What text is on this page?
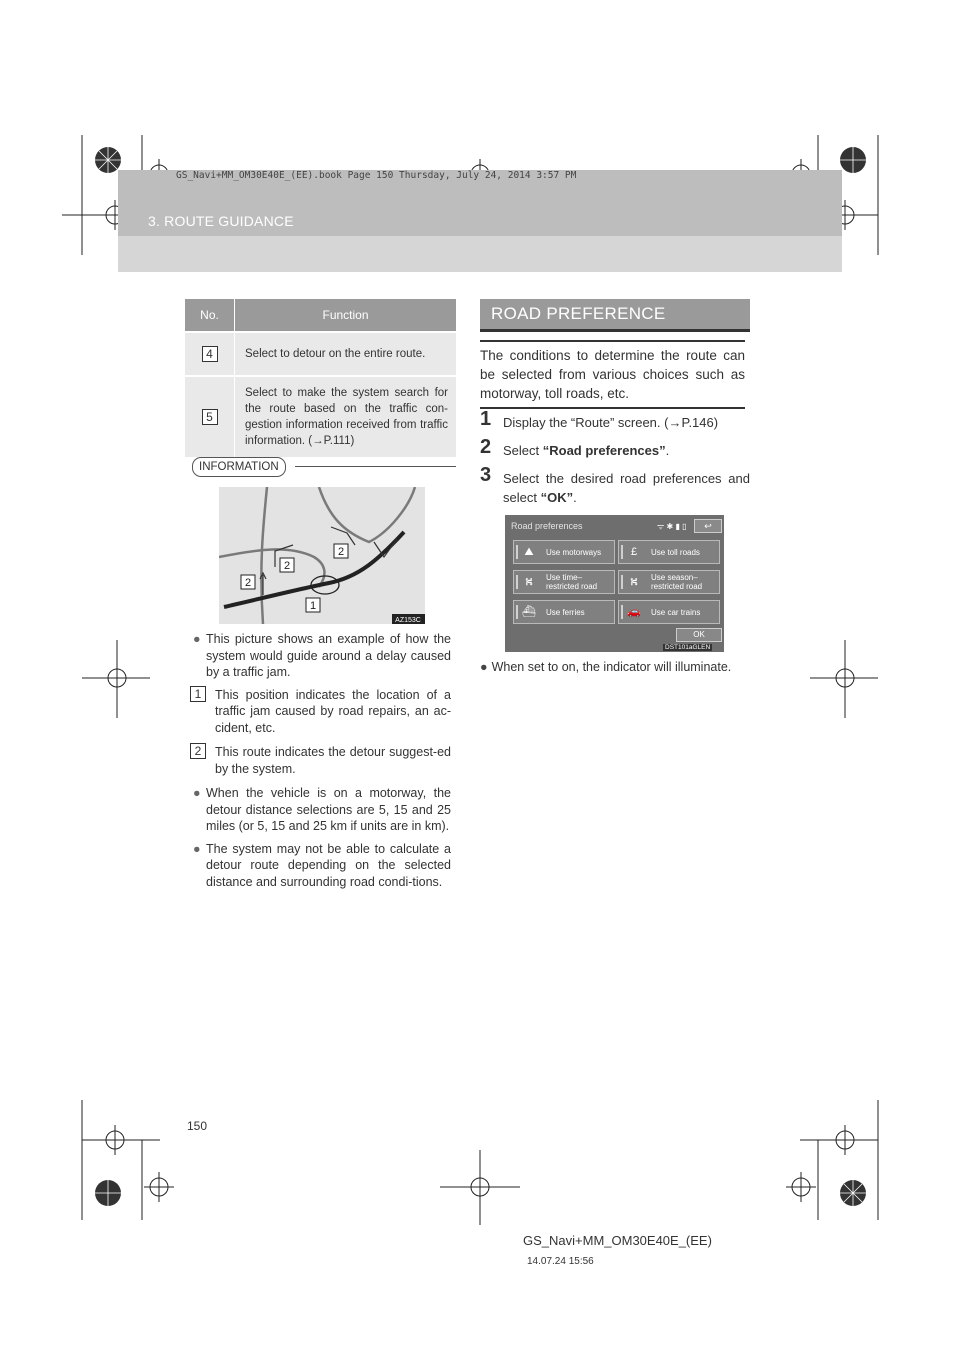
GS_Navi+MM_OM30E40E_(EE).book Page 150 Thursday, July 24, 2014 3:57 PM
3. ROUTE GUIDANCE
No.	Function
4	Select to detour on the entire route.
5	Select to make the system search for the route based on the traffic con-gestion information received from traffic information. (→P.111)
INFORMATION
2
2
2
1
AZ153C
● This picture shows an example of how the system would guide around a delay caused by a traffic jam.
1	This position indicates the location of a traffic jam caused by road repairs, an ac-cident, etc.
2	This route indicates the detour suggest-ed by the system.
● When the vehicle is on a motorway, the detour distance selections are 5, 15 and 25 miles (or 5, 15 and 25 km if units are in km).
● The system may not be able to calculate a detour route depending on the selected distance and surrounding road condi-tions.
ROAD PREFERENCE
The conditions to determine the route can be selected from various choices such as motorway, toll roads, etc.
1 Display the “Route” screen. (→P.146)
2 Select “Road preferences”.
3 Select the desired road preferences and select “OK”.
Road preferences	ᯤ ✱ ▮ ▯	↩
⛰	Use motorways	£	Use toll roads
⛕	Use time–
restricted road	⛕	Use season–
restricted road
⛴ Use ferries	🚗 Use car trains
OK
DST101aGLEN
● When set to on, the indicator will illuminate.
150
GS_Navi+MM_OM30E40E_(EE)
14.07.24 15:56
